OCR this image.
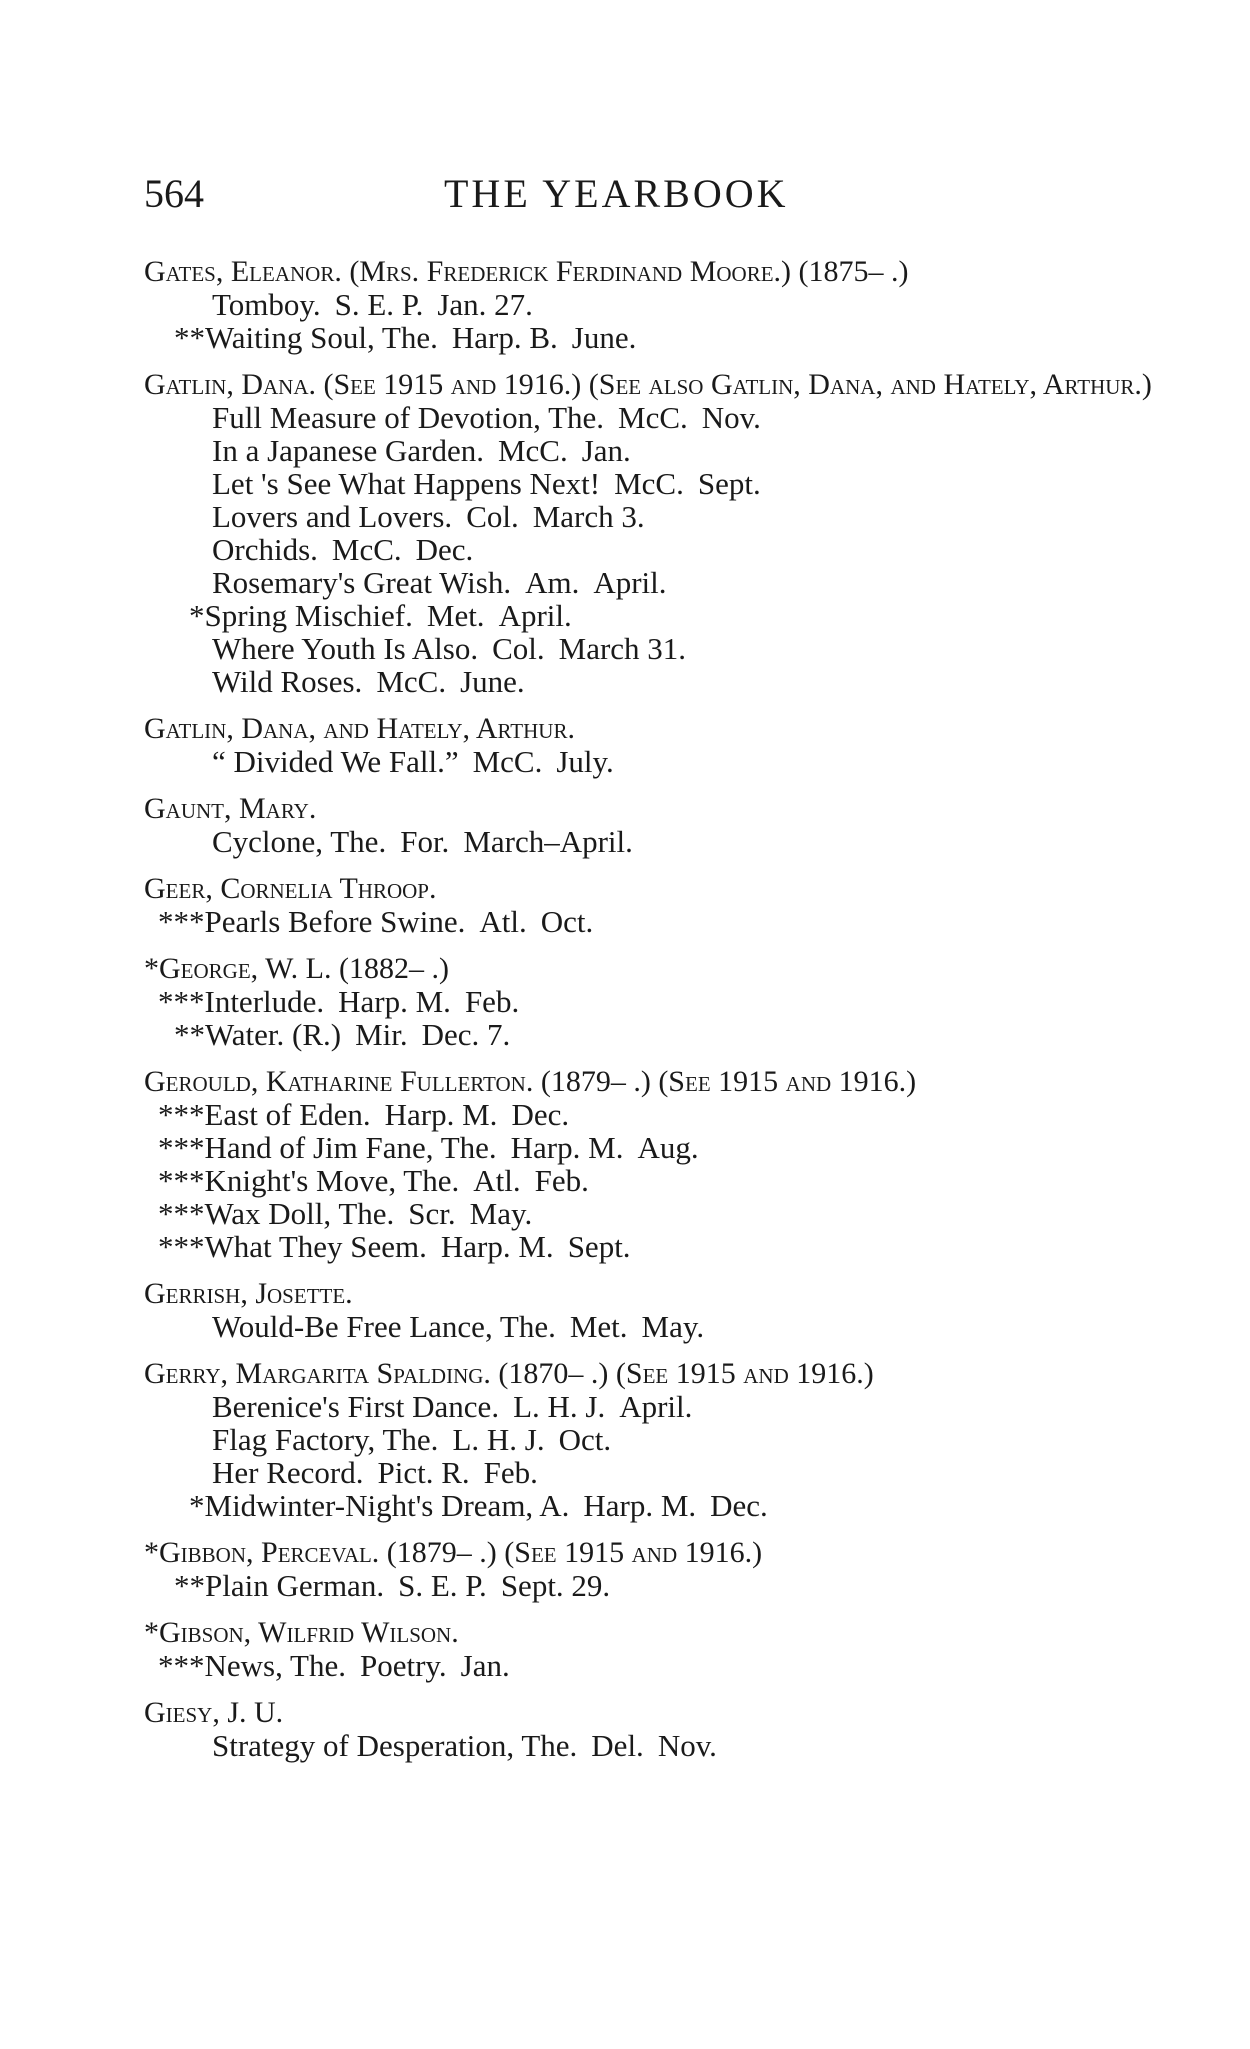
564	THE YEARBOOK
Gates, Eleanor. (Mrs. Frederick Ferdinand Moore.) (1875– .)
Tomboy. S. E. P. Jan. 27.
**Waiting Soul, The. Harp. B. June.
Gatlin, Dana. (See 1915 and 1916.) (See also Gatlin, Dana, and Hately, Arthur.)
Full Measure of Devotion, The. McC. Nov.
In a Japanese Garden. McC. Jan.
Let 's See What Happens Next! McC. Sept.
Lovers and Lovers. Col. March 3.
Orchids. McC. Dec.
Rosemary's Great Wish. Am. April.
*Spring Mischief. Met. April.
Where Youth Is Also. Col. March 31.
Wild Roses. McC. June.
Gatlin, Dana, and Hately, Arthur.
“ Divided We Fall.” McC. July.
Gaunt, Mary.
Cyclone, The. For. March–April.
Geer, Cornelia Throop.
***Pearls Before Swine. Atl. Oct.
*George, W. L. (1882– .)
***Interlude. Harp. M. Feb.
**Water. (R.) Mir. Dec. 7.
Gerould, Katharine Fullerton. (1879– .) (See 1915 and 1916.)
***East of Eden. Harp. M. Dec.
***Hand of Jim Fane, The. Harp. M. Aug.
***Knight's Move, The. Atl. Feb.
***Wax Doll, The. Scr. May.
***What They Seem. Harp. M. Sept.
Gerrish, Josette.
Would-Be Free Lance, The. Met. May.
Gerry, Margarita Spalding. (1870– .) (See 1915 and 1916.)
Berenice's First Dance. L. H. J. April.
Flag Factory, The. L. H. J. Oct.
Her Record. Pict. R. Feb.
*Midwinter-Night's Dream, A. Harp. M. Dec.
*Gibbon, Perceval. (1879– .) (See 1915 and 1916.)
**Plain German. S. E. P. Sept. 29.
*Gibson, Wilfrid Wilson.
***News, The. Poetry. Jan.
Giesy, J. U.
Strategy of Desperation, The. Del. Nov.
